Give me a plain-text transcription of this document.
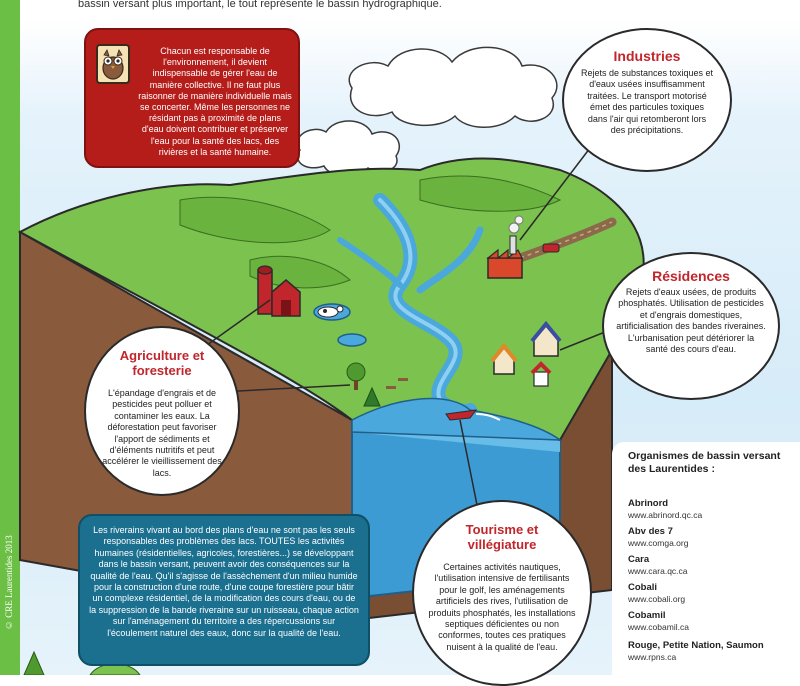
© CRE Laurentides 2013
bassin versant plus important, le tout représente le bassin hydrographique.
Chacun est responsable de l'environnement, il devient indispensable de gérer l'eau de manière collective. Il ne faut plus raisonner de manière individuelle mais se concerter. Même les personnes ne résidant pas à proximité de plans d'eau doivent contribuer et préserver l'eau pour la santé des lacs, des rivières et la santé humaine.
Industries
Rejets de substances toxiques et d'eaux usées insuffisamment traitées. Le transport motorisé émet des particules toxiques dans l'air qui retomberont lors des précipitations.
Résidences
Rejets d'eaux usées, de produits phosphatés. Utilisation de pesticides et d'engrais domestiques, artificialisation des bandes riveraines. L'urbanisation peut détériorer la santé des cours d'eau.
Agriculture et foresterie
L'épandage d'engrais et de pesticides peut polluer et contaminer les eaux. La déforestation peut favoriser l'apport de sédiments et d'éléments nutritifs et peut accélérer le vieillissement des lacs.
Tourisme et villégiature
Certaines activités nautiques, l'utilisation intensive de fertilisants pour le golf, les aménagements artificiels des rives, l'utilisation de produits phosphatés, les installations septiques déficientes ou non conformes, toutes ces pratiques nuisent à la qualité de l'eau.
Les riverains vivant au bord des plans d'eau ne sont pas les seuls responsables des problèmes des lacs. TOUTES les activités humaines (résidentielles, agricoles, forestières...) se développant dans le bassin versant, peuvent avoir des conséquences sur la qualité de l'eau. Qu'il s'agisse de l'assèchement d'un milieu humide pour la construction d'une route, d'une coupe forestière pour bâtir un complexe résidentiel, de la modification des cours d'eau, ou de la suppression de la bande riveraine sur un ruisseau, chaque action sur l'aménagement du territoire a des répercussions sur l'écoulement naturel des eaux, donc sur la qualité de l'eau.
Organismes de bassin versant des Laurentides :
Abrinord
www.abrinord.qc.ca
Abv des 7
www.comga.org
Cara
www.cara.qc.ca
Cobali
www.cobali.org
Cobamil
www.cobamil.ca
Rouge, Petite Nation, Saumon
www.rpns.ca
